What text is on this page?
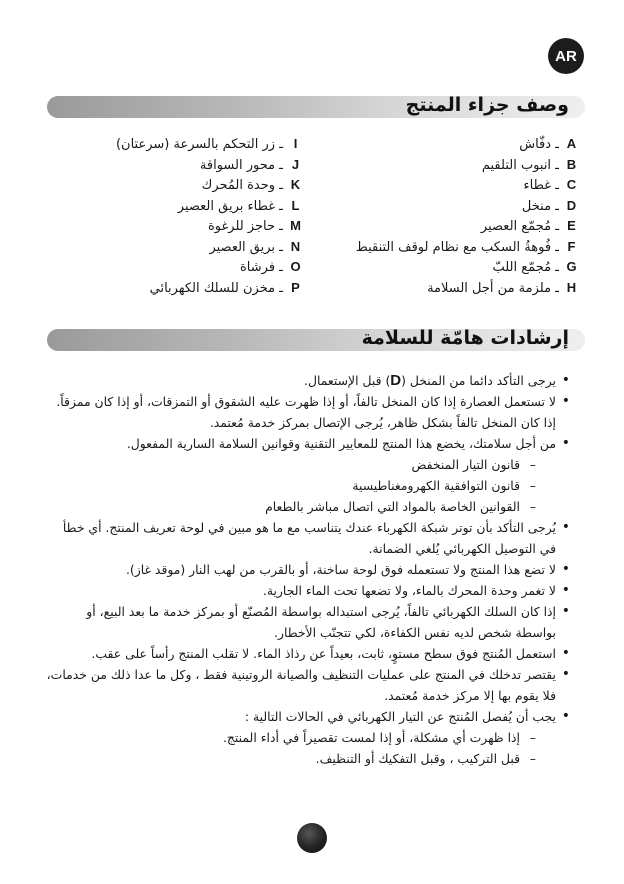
AR
وصف جزاء المنتج
Aـ دفّاش
Bـ انبوب التلقيم
Cـ غطاء
Dـ منخل
Eـ مُجمّع العصير
Fـ فُوهةُ السكب مع نظام لوقف التنقيط
Gـ مُجمّع اللبّ
Hـ ملزمة من أجل السلامة
Iـ زر التحكم بالسرعة (سرعتان)
Jـ محور السواقة
Kـ وحدة المُحرك
Lـ غطاء بريق العصير
Mـ حاجز للرغوة
Nـ بريق العصير
Oـ فرشاة
Pـ مخزن للسلك الكهربائي
إرشادات هامّة للسلامة
• يرجى التأكد دائما من المنخل (D) قبل الإستعمال.
• لا تستعمل العصارة إذا كان المنخل تالفاً، أو إذا ظهرت عليه الشقوق أو التمزقات، أو إذا كان ممزقاً. إذا كان المنخل تالفاً بشكل ظاهر، يُرجى الإتصال بمركز خدمة مُعتمد.
• من أجل سلامتك، يخضع هذا المنتج للمعايير التقنية وقوانين السلامة السارية المفعول.
– قانون التيار المنخفض
– قانون التوافقية الكهرومغناطيسية
– القوانين الخاصة بالمواد التي اتصال مباشر بالطعام
• يُرجى التأكد بأن توتر شبكة الكهرباء عندك يتناسب مع ما هو مبين في لوحة تعريف المنتج. أي خطأ في التوصيل الكهربائي يُلغي الضمانة.
• لا تضع هذا المنتج ولا تستعمله فوق لوحة ساخنة، أو بالقرب من لهب النار (موقد غاز).
• لا تغمر وحدة المحرك بالماء، ولا تضعها تحت الماء الجارية.
• إذا كان السلك الكهربائي تالفاً، يُرجى استبداله بواسطة المُصنّع أو بمركز خدمة ما بعد البيع، أو بواسطة شخص لديه نفس الكفاءة، لكي تتجنّب الأخطار.
• استعمل المُنتج فوق سطح مستوٍ، ثابت، بعيداً عن رذاذ الماء. لا تقلب المنتج رأساً على عقب.
• يقتصر تدخلك في المنتج على عمليات التنظيف والصيانة الروتينية فقط ، وكل ما عدا ذلك من خدمات، فلا يقوم بها إلا مركز خدمة مُعتمد.
• يجب أن يُفصل المُنتج عن التيار الكهربائي في الحالات التالية :
– إذا ظهرت أي مشكلة، أو إذا لمست تقصيراً في أداء المنتج.
– قبل التركيب ، وقبل التفكيك أو التنظيف.
